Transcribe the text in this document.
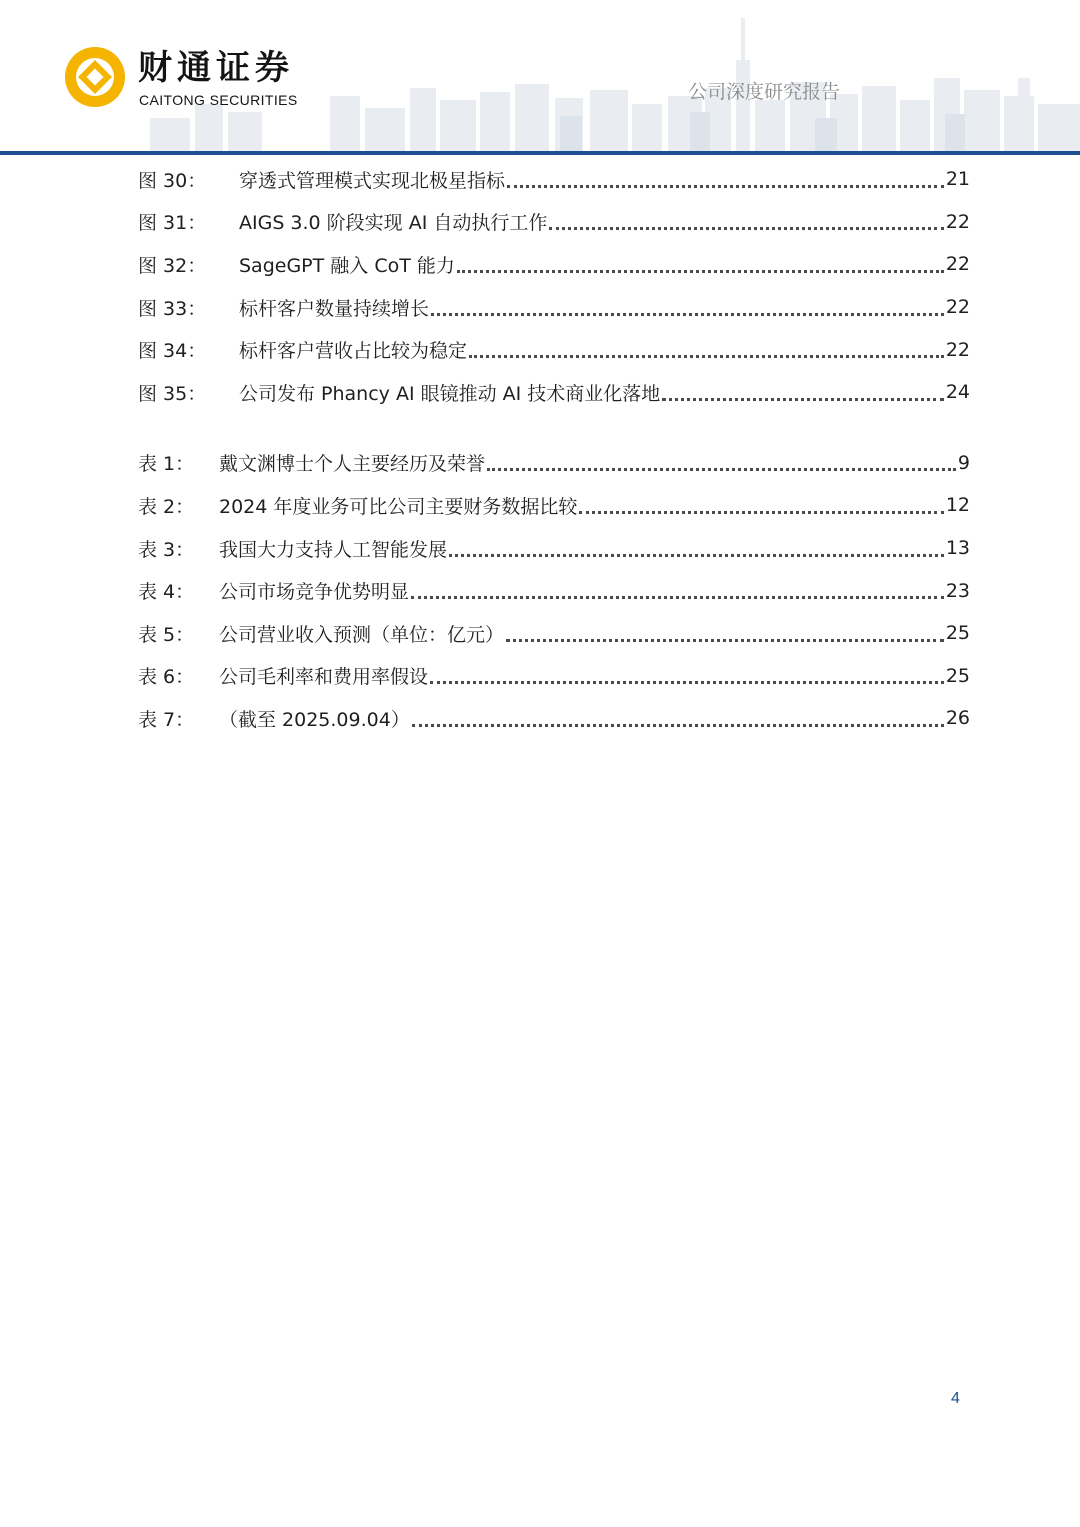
财通证券
CAITONG SECURITIES	公司深度研究报告
图 30：	穿透式管理模式实现北极星指标	21
图 31：	AIGS 3.0 阶段实现 AI 自动执行工作	22
图 32：	SageGPT 融入 CoT 能力	22
图 33：	标杆客户数量持续增长	22
图 34：	标杆客户营收占比较为稳定	22
图 35：	公司发布 Phancy AI 眼镜推动 AI 技术商业化落地	24
表 1：	戴文渊博士个人主要经历及荣誉	9
表 2：	2024 年度业务可比公司主要财务数据比较	12
表 3：	我国大力支持人工智能发展	13
表 4：	公司市场竞争优势明显	23
表 5：	公司营业收入预测（单位：亿元）	25
表 6：	公司毛利率和费用率假设	25
表 7：	（截至 2025.09.04）	26
4
